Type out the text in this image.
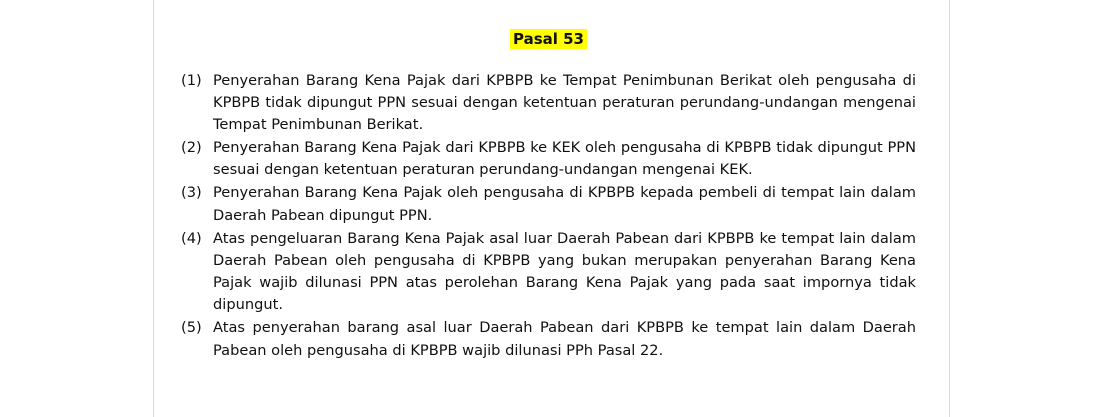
Pasal 53
(1) Penyerahan Barang Kena Pajak dari KPBPB ke Tempat Penimbunan Berikat oleh pengusaha di KPBPB tidak dipungut PPN sesuai dengan ketentuan peraturan perundang-undangan mengenai Tempat Penimbunan Berikat.
(2) Penyerahan Barang Kena Pajak dari KPBPB ke KEK oleh pengusaha di KPBPB tidak dipungut PPN sesuai dengan ketentuan peraturan perundang-undangan mengenai KEK.
(3) Penyerahan Barang Kena Pajak oleh pengusaha di KPBPB kepada pembeli di tempat lain dalam Daerah Pabean dipungut PPN.
(4) Atas pengeluaran Barang Kena Pajak asal luar Daerah Pabean dari KPBPB ke tempat lain dalam Daerah Pabean oleh pengusaha di KPBPB yang bukan merupakan penyerahan Barang Kena Pajak wajib dilunasi PPN atas perolehan Barang Kena Pajak yang pada saat impornya tidak dipungut.
(5) Atas penyerahan barang asal luar Daerah Pabean dari KPBPB ke tempat lain dalam Daerah Pabean oleh pengusaha di KPBPB wajib dilunasi PPh Pasal 22.
